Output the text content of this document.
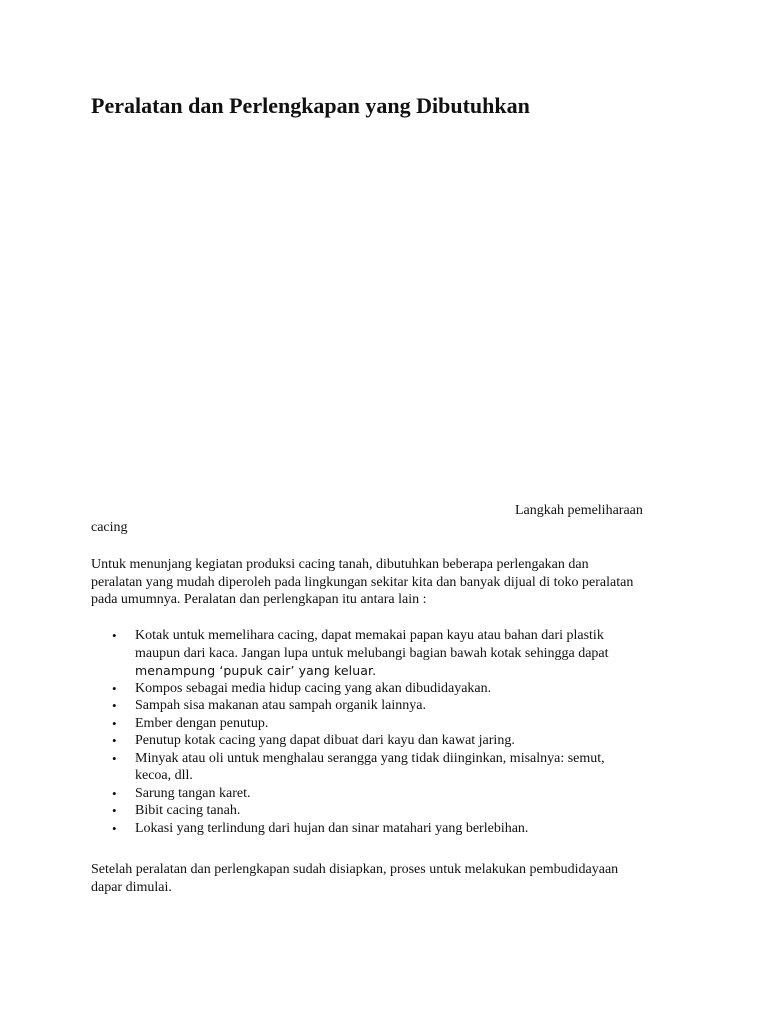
Peralatan dan Perlengkapan yang Dibutuhkan
Langkah pemeliharaan
cacing

Untuk menunjang kegiatan produksi cacing tanah, dibutuhkan beberapa perlengakan dan
peralatan yang mudah diperoleh pada lingkungan sekitar kita dan banyak dijual di toko peralatan
pada umumnya. Peralatan dan perlengkapan itu antara lain :

• Kotak untuk memelihara cacing, dapat memakai papan kayu atau bahan dari plastik
maupun dari kaca. Jangan lupa untuk melubangi bagian bawah kotak sehingga dapat
menampung ‘pupuk cair’ yang keluar.
• Kompos sebagai media hidup cacing yang akan dibudidayakan.
• Sampah sisa makanan atau sampah organik lainnya.
• Ember dengan penutup.
• Penutup kotak cacing yang dapat dibuat dari kayu dan kawat jaring.
• Minyak atau oli untuk menghalau serangga yang tidak diinginkan, misalnya: semut,
kecoa, dll.
• Sarung tangan karet.
• Bibit cacing tanah.
• Lokasi yang terlindung dari hujan dan sinar matahari yang berlebihan.

Setelah peralatan dan perlengkapan sudah disiapkan, proses untuk melakukan pembudidayaan
dapar dimulai.
